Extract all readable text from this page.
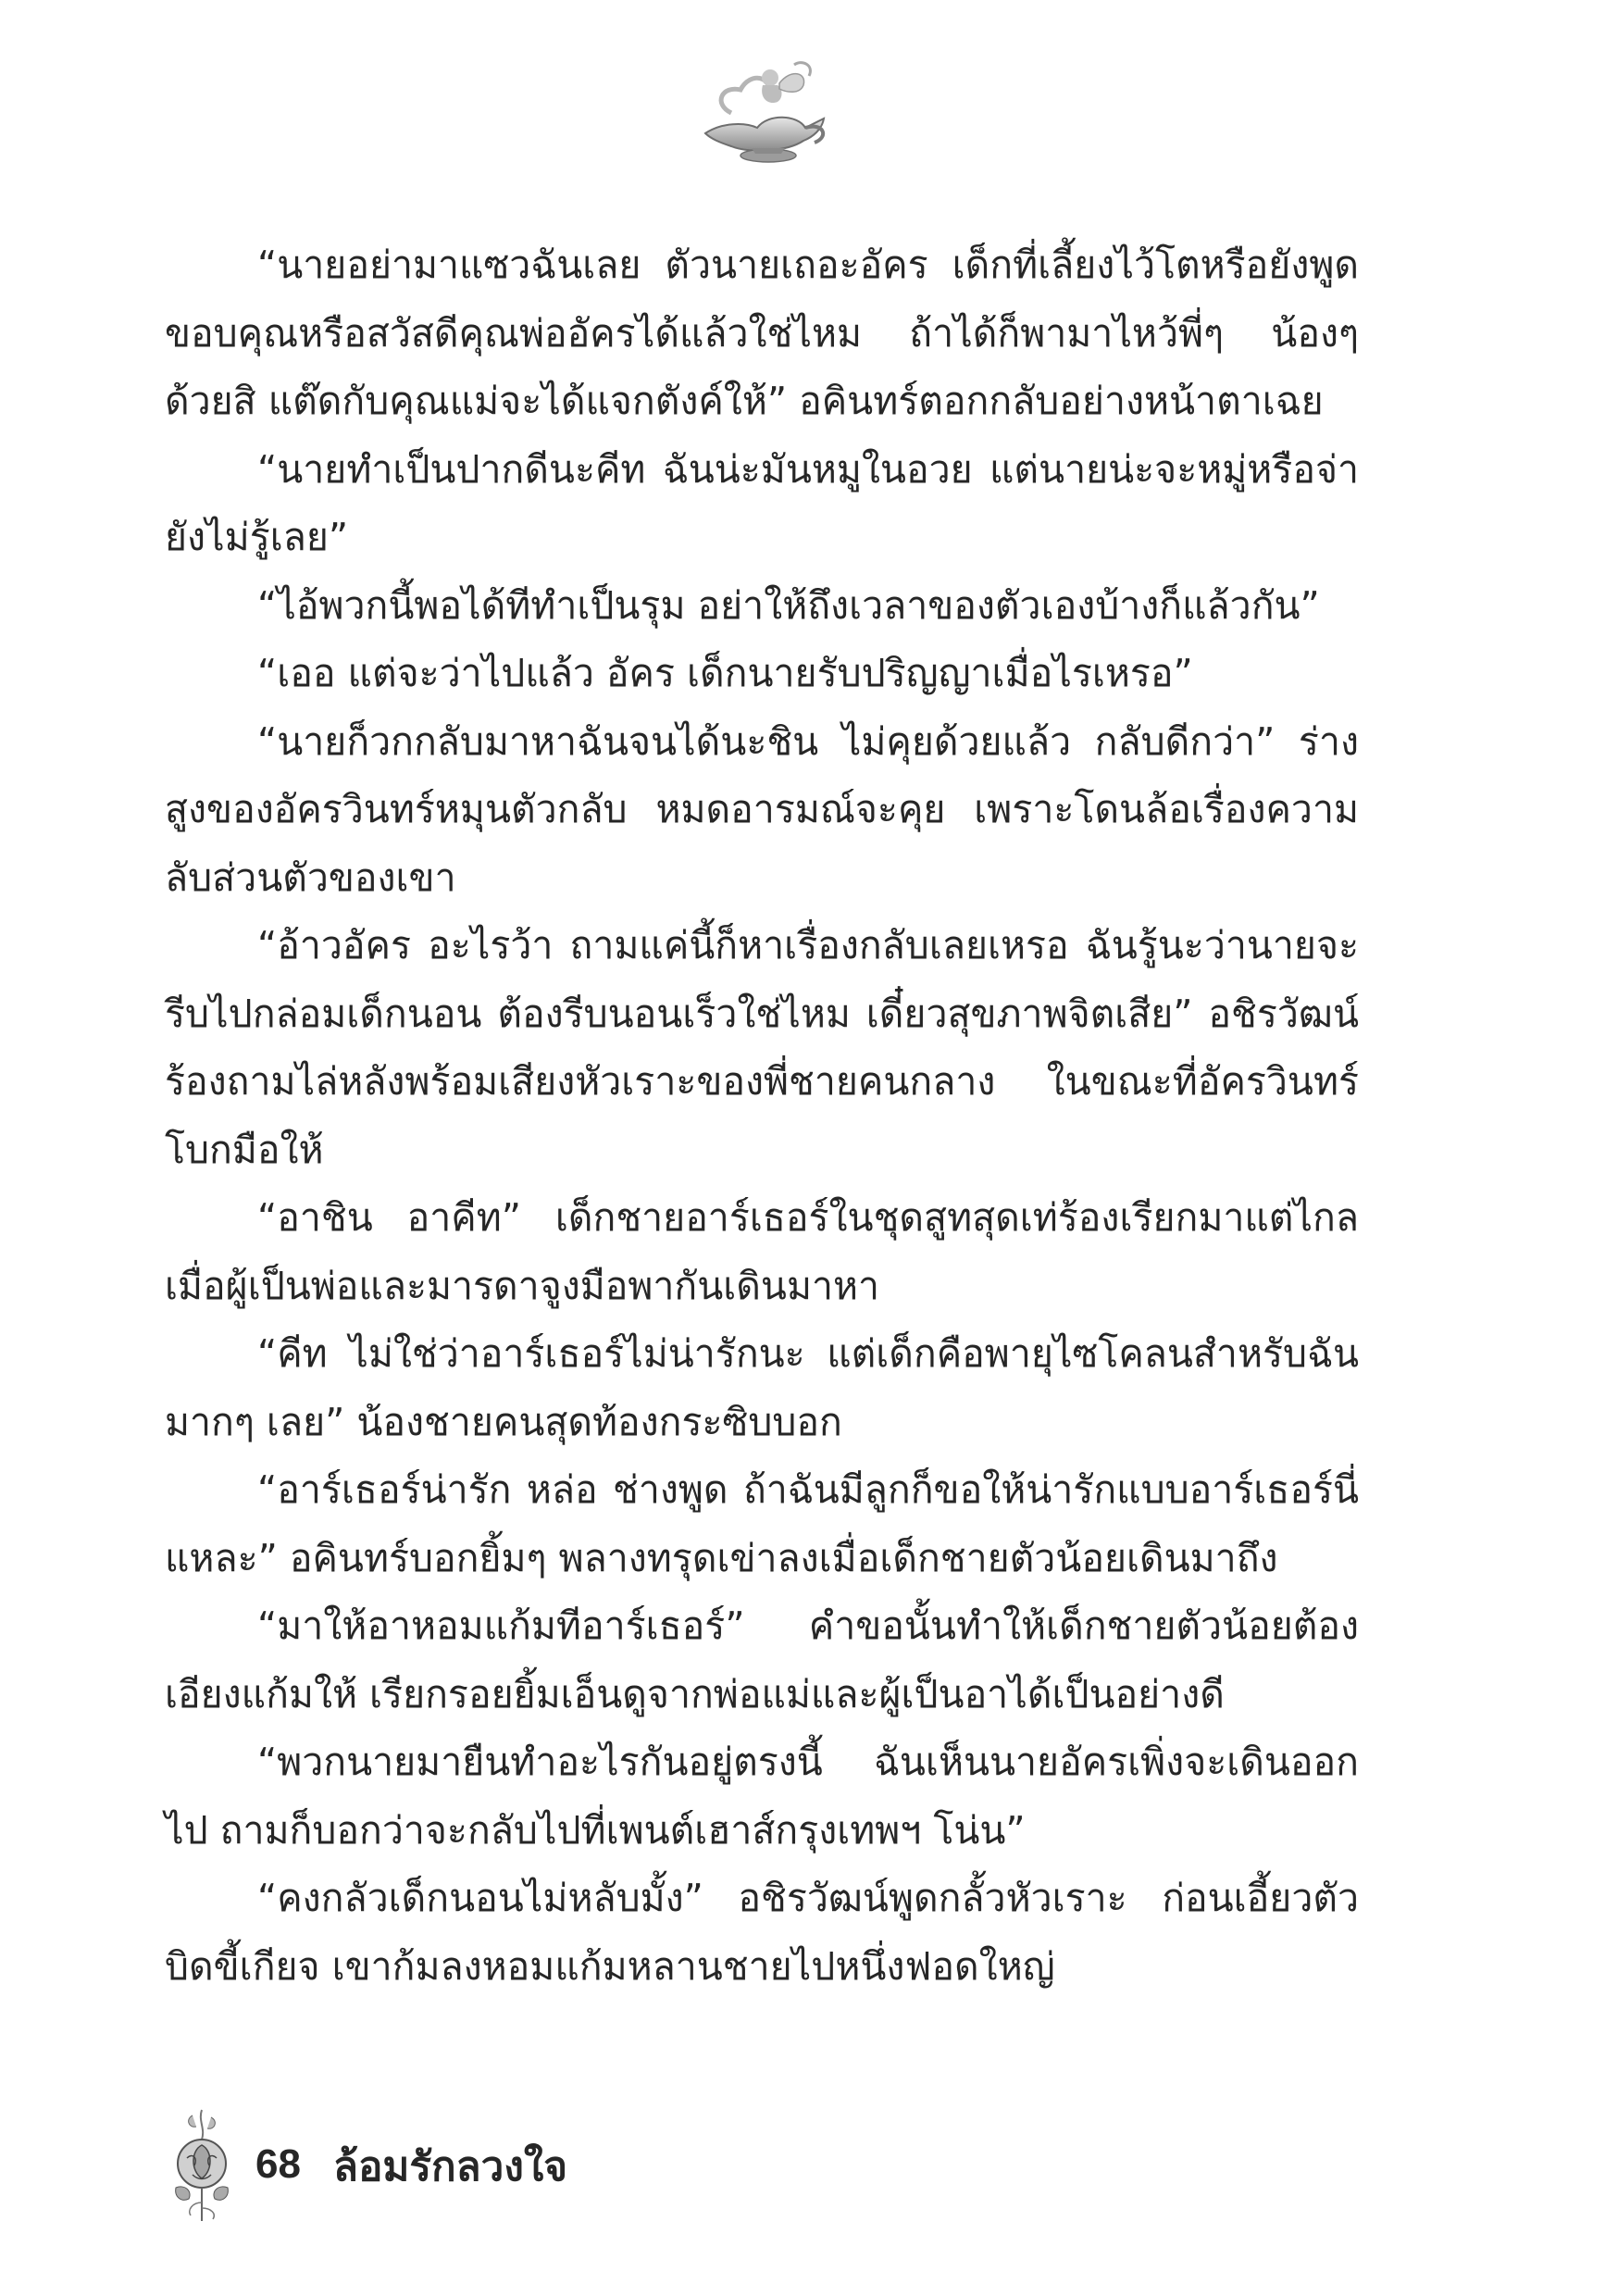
“นายอย่ามาแซวฉันเลย ตัวนายเถอะอัคร เด็กที่เลี้ยงไว้โตหรือยังพูดขอบคุณหรือสวัสดีคุณพ่ออัครได้แล้วใช่ไหม ถ้าได้ก็พามาไหว้พี่ๆ น้องๆ ด้วยสิ แต๊ดกับคุณแม่จะได้แจกตังค์ให้” อคินทร์ตอกกลับอย่างหน้าตาเฉย

“นายทำเป็นปากดีนะคีท ฉันน่ะมันหมูในอวย แต่นายน่ะจะหมู่หรือจ่ายังไม่รู้เลย”

“ไอ้พวกนี้พอได้ทีทำเป็นรุม อย่าให้ถึงเวลาของตัวเองบ้างก็แล้วกัน”

“เออ แต่จะว่าไปแล้ว อัคร เด็กนายรับปริญญาเมื่อไรเหรอ”

“นายก็วกกลับมาหาฉันจนได้นะชิน ไม่คุยด้วยแล้ว กลับดีกว่า” ร่างสูงของอัครวินทร์หมุนตัวกลับ หมดอารมณ์จะคุย เพราะโดนล้อเรื่องความลับส่วนตัวของเขา

“อ้าวอัคร อะไรว้า ถามแค่นี้ก็หาเรื่องกลับเลยเหรอ ฉันรู้นะว่านายจะรีบไปกล่อมเด็กนอน ต้องรีบนอนเร็วใช่ไหม เดี๋ยวสุขภาพจิตเสีย” อชิรวัฒน์ร้องถามไล่หลังพร้อมเสียงหัวเราะของพี่ชายคนกลาง ในขณะที่อัครวินทร์โบกมือให้

“อาชิน อาคีท” เด็กชายอาร์เธอร์ในชุดสูทสุดเท่ร้องเรียกมาแต่ไกล เมื่อผู้เป็นพ่อและมารดาจูงมือพากันเดินมาหา

“คีท ไม่ใช่ว่าอาร์เธอร์ไม่น่ารักนะ แต่เด็กคือพายุไซโคลนสำหรับฉันมากๆ เลย” น้องชายคนสุดท้องกระซิบบอก

“อาร์เธอร์น่ารัก หล่อ ช่างพูด ถ้าฉันมีลูกก็ขอให้น่ารักแบบอาร์เธอร์นี่แหละ” อคินทร์บอกยิ้มๆ พลางทรุดเข่าลงเมื่อเด็กชายตัวน้อยเดินมาถึง

“มาให้อาหอมแก้มทีอาร์เธอร์” คำขอนั้นทำให้เด็กชายตัวน้อยต้องเอียงแก้มให้ เรียกรอยยิ้มเอ็นดูจากพ่อแม่และผู้เป็นอาได้เป็นอย่างดี

“พวกนายมายืนทำอะไรกันอยู่ตรงนี้ ฉันเห็นนายอัครเพิ่งจะเดินออกไป ถามก็บอกว่าจะกลับไปที่เพนต์เฮาส์กรุงเทพฯ โน่น”

“คงกลัวเด็กนอนไม่หลับมั้ง” อชิรวัฒน์พูดกลั้วหัวเราะ ก่อนเอี้ยวตัวบิดขี้เกียจ เขาก้มลงหอมแก้มหลานชายไปหนึ่งฟอดใหญ่

68 ล้อมรักลวงใจ
